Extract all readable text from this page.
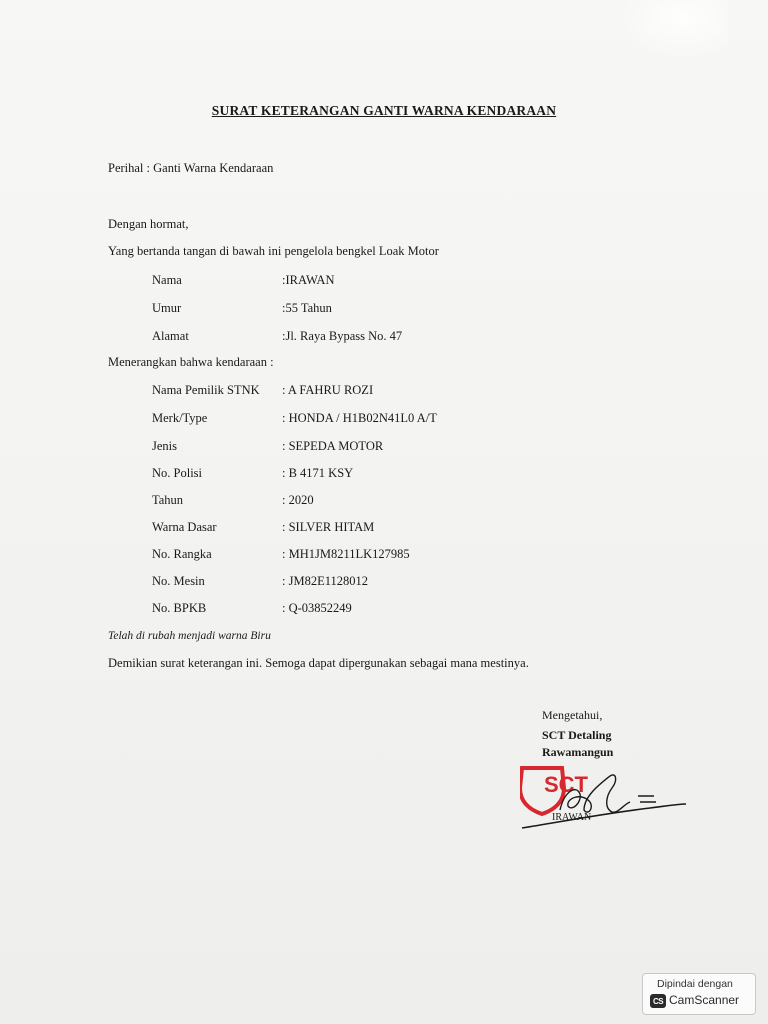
SURAT KETERANGAN GANTI WARNA KENDARAAN
Perihal : Ganti Warna Kendaraan
Dengan hormat,
Yang bertanda tangan di bawah ini pengelola bengkel Loak Motor
Nama	:IRAWAN
Umur	:55 Tahun
Alamat	:Jl. Raya Bypass No. 47
Menerangkan bahwa kendaraan :
Nama Pemilik STNK : A FAHRU ROZI
Merk/Type	: HONDA / H1B02N41L0 A/T
Jenis	: SEPEDA MOTOR
No. Polisi	: B 4171 KSY
Tahun	: 2020
Warna Dasar	: SILVER HITAM
No. Rangka	: MH1JM8211LK127985
No. Mesin	: JM82E1128012
No. BPKB	: Q-03852249
Telah di rubah menjadi warna Biru
Demikian surat keterangan ini. Semoga dapat dipergunakan sebagai mana mestinya.
Mengetahui,
SCT Detaling
Rawamangun
SCT
IRAWAN
Dipindai dengan
CS CamScanner
